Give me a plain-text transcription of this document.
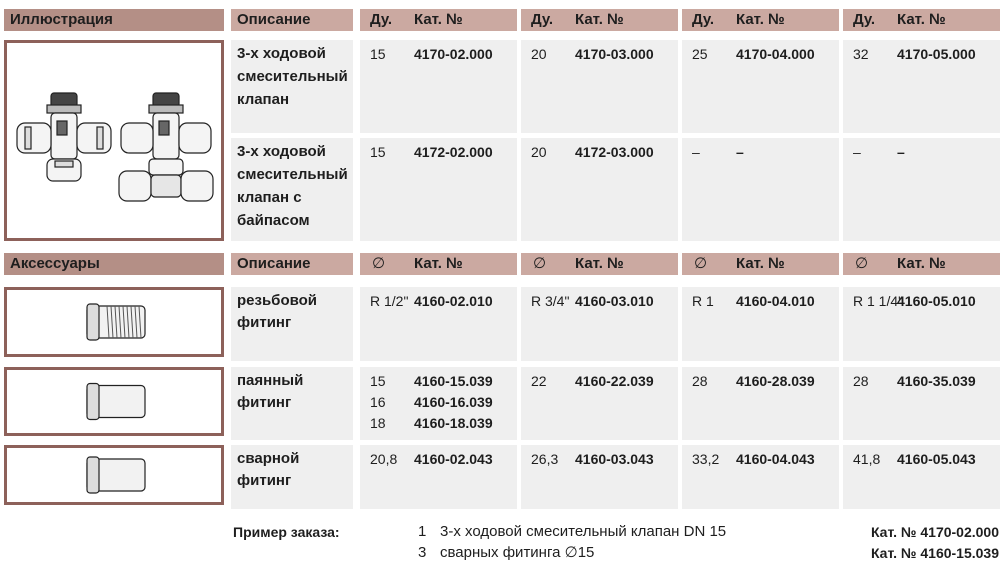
Иллюстрация	Описание	Ду. Кат. №	Ду. Кат. №	Ду. Кат. №	Ду. Кат. №
3-х ходовой
смесительный
клапан
15 4170-02.000	20 4170-03.000	25 4170-04.000	32 4170-05.000
3-х ходовой
смесительный
клапан с
байпасом
15 4172-02.000	20 4172-03.000	–	–	–	–
Аксессуары	Описание	∅ Кат. №	∅ Кат. №	∅ Кат. №	∅ Кат. №
резьбовой
фитинг
R 1/2" 4160-02.010	R 3/4" 4160-03.010	R 1 4160-04.010	R 1 1/4"
4160-05.010
паянный
фитинг
15
16
18
4160-15.039
4160-16.039
4160-18.039
22 4160-22.039	28 4160-28.039	28 4160-35.039
сварной
фитинг
20,8 4160-02.043	26,3 4160-03.043	33,2 4160-04.043	41,8 4160-05.043
Пример заказа:	1 3-х ходовой смесительный клапан DN 15	Кат. № 4170-02.000
3 сварных фитинга ∅15	Кат. № 4160-15.039
